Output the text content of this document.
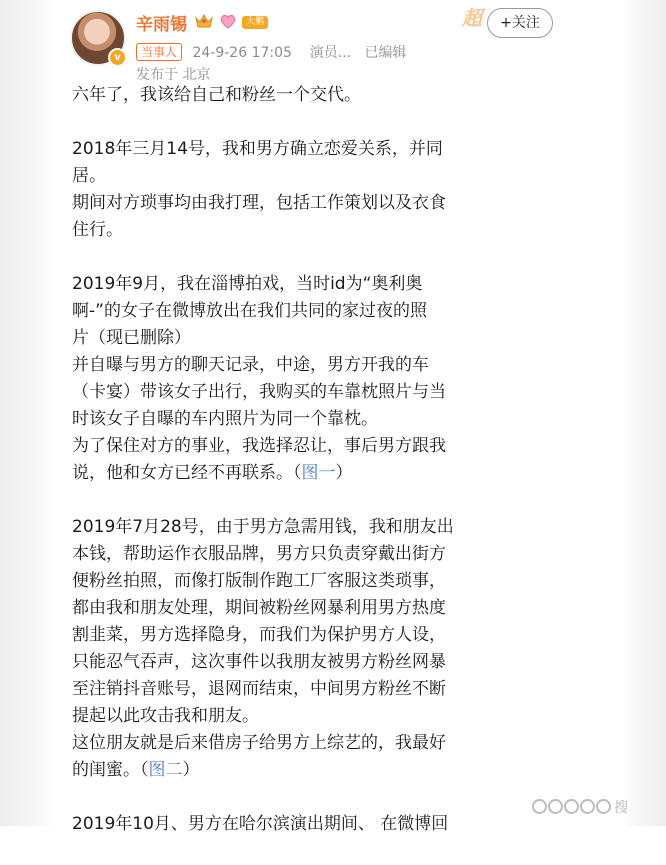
v
辛雨锡	大鹏
当事人 24-9-26 17:05 演员... 已编辑
发布于 北京
超	+关注
六年了，我该给自己和粉丝一个交代。
2018年三月14号，我和男方确立恋爱关系，并同
居。
期间对方琐事均由我打理，包括工作策划以及衣食
住行。
2019年9月，我在淄博拍戏，当时id为“奥利奥
啊-”的女子在微博放出在我们共同的家过夜的照
片（现已删除）
并自曝与男方的聊天记录，中途，男方开我的车
（卡宴）带该女子出行，我购买的车靠枕照片与当
时该女子自曝的车内照片为同一个靠枕。
为了保住对方的事业，我选择忍让，事后男方跟我
说，他和女方已经不再联系。（图一）
2019年7月28号，由于男方急需用钱，我和朋友出
本钱，帮助运作衣服品牌，男方只负责穿戴出街方
便粉丝拍照，而像打版制作跑工厂客服这类琐事，
都由我和朋友处理，期间被粉丝网暴利用男方热度
割韭菜，男方选择隐身，而我们为保护男方人设，
只能忍气吞声，这次事件以我朋友被男方粉丝网暴
至注销抖音账号，退网而结束，中间男方粉丝不断
提起以此攻击我和朋友。
这位朋友就是后来借房子给男方上综艺的，我最好
的闺蜜。（图二）
2019年10月、男方在哈尔滨演出期间、 在微博回
搜
